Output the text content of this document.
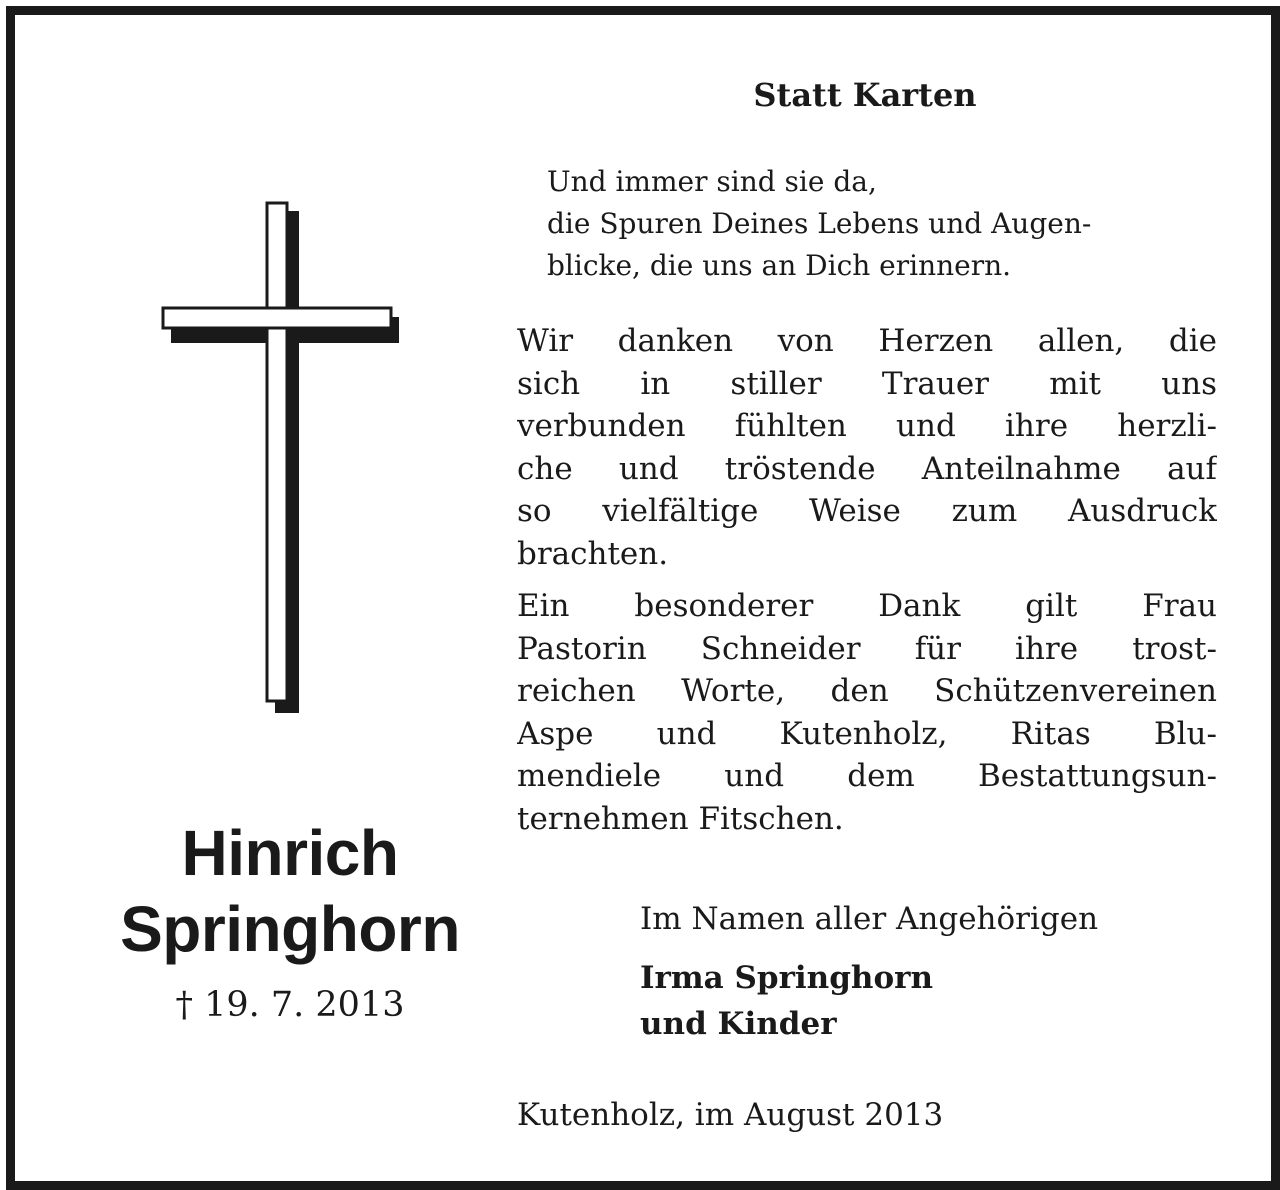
Hinrich
Springhorn
† 19. 7. 2013
Statt Karten
Und immer sind sie da,
die Spuren Deines Lebens und Augen-
blicke, die uns an Dich erinnern.
Wir danken von Herzen allen, die
sich in stiller Trauer mit uns
verbunden fühlten und ihre herzli-
che und tröstende Anteilnahme auf
so vielfältige Weise zum Ausdruck
brachten.
Ein besonderer Dank gilt Frau
Pastorin Schneider für ihre trost-
reichen Worte, den Schützenvereinen
Aspe und Kutenholz, Ritas Blu-
mendiele und dem Bestattungsun-
ternehmen Fitschen.
Im Namen aller Angehörigen
Irma Springhorn
und Kinder
Kutenholz, im August 2013
